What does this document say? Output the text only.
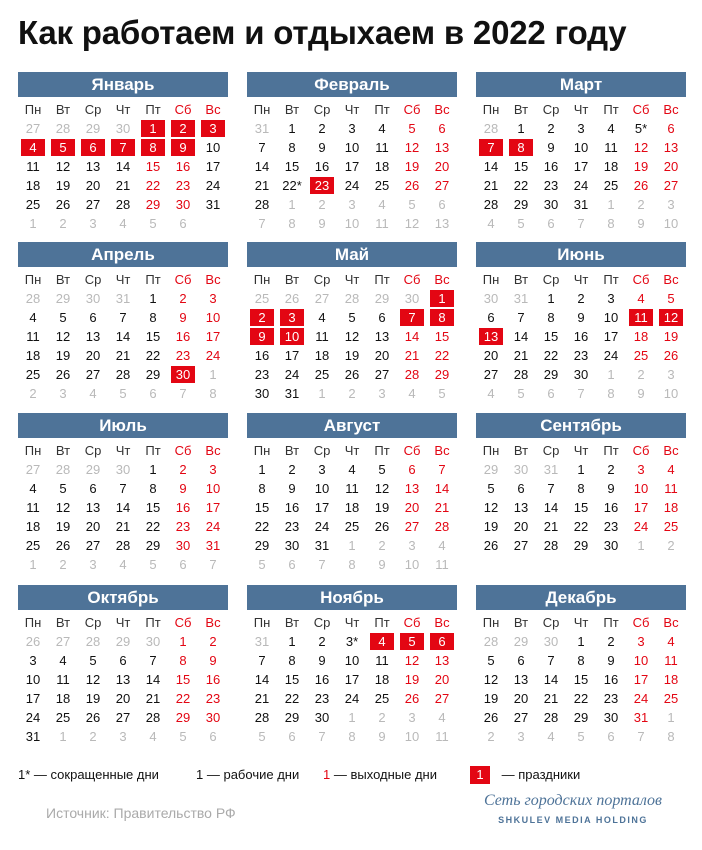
Как работаем и отдыхаем в 2022 году
Январь
Пн	Вт	Ср	Чт	Пт	Сб	Вс
27	28	29	30	1	2	3
4	5	6	7	8	9	10
11	12	13	14	15	16	17
18	19	20	21	22	23	24
25	26	27	28	29	30	31
1	2	3	4	5	6
Февраль
Пн	Вт	Ср	Чт	Пт	Сб	Вс
31	1	2	3	4	5	6
7	8	9	10	11	12	13
14	15	16	17	18	19	20
21	22*	23	24	25	26	27
28	1	2	3	4	5	6
7	8	9	10	11	12	13
Март
Пн	Вт	Ср	Чт	Пт	Сб	Вс
28	1	2	3	4	5*	6
7	8	9	10	11	12	13
14	15	16	17	18	19	20
21	22	23	24	25	26	27
28	29	30	31	1	2	3
4	5	6	7	8	9	10
Апрель
Пн	Вт	Ср	Чт	Пт	Сб	Вс
28	29	30	31	1	2	3
4	5	6	7	8	9	10
11	12	13	14	15	16	17
18	19	20	21	22	23	24
25	26	27	28	29	30	1
2	3	4	5	6	7	8
Май
Пн	Вт	Ср	Чт	Пт	Сб	Вс
25	26	27	28	29	30	1
2	3	4	5	6	7	8
9	10	11	12	13	14	15
16	17	18	19	20	21	22
23	24	25	26	27	28	29
30	31	1	2	3	4	5
Июнь
Пн	Вт	Ср	Чт	Пт	Сб	Вс
30	31	1	2	3	4	5
6	7	8	9	10	11	12
13	14	15	16	17	18	19
20	21	22	23	24	25	26
27	28	29	30	1	2	3
4	5	6	7	8	9	10
Июль
Пн	Вт	Ср	Чт	Пт	Сб	Вс
27	28	29	30	1	2	3
4	5	6	7	8	9	10
11	12	13	14	15	16	17
18	19	20	21	22	23	24
25	26	27	28	29	30	31
1	2	3	4	5	6	7
Август
Пн	Вт	Ср	Чт	Пт	Сб	Вс
1	2	3	4	5	6	7
8	9	10	11	12	13	14
15	16	17	18	19	20	21
22	23	24	25	26	27	28
29	30	31	1	2	3	4
5	6	7	8	9	10	11
Сентябрь
Пн	Вт	Ср	Чт	Пт	Сб	Вс
29	30	31	1	2	3	4
5	6	7	8	9	10	11
12	13	14	15	16	17	18
19	20	21	22	23	24	25
26	27	28	29	30	1	2
Октябрь
Пн	Вт	Ср	Чт	Пт	Сб	Вс
26	27	28	29	30	1	2
3	4	5	6	7	8	9
10	11	12	13	14	15	16
17	18	19	20	21	22	23
24	25	26	27	28	29	30
31	1	2	3	4	5	6
Ноябрь
Пн	Вт	Ср	Чт	Пт	Сб	Вс
31	1	2	3*	4	5	6
7	8	9	10	11	12	13
14	15	16	17	18	19	20
21	22	23	24	25	26	27
28	29	30	1	2	3	4
5	6	7	8	9	10	11
Декабрь
Пн	Вт	Ср	Чт	Пт	Сб	Вс
28	29	30	1	2	3	4
5	6	7	8	9	10	11
12	13	14	15	16	17	18
19	20	21	22	23	24	25
26	27	28	29	30	31	1
2	3	4	5	6	7	8
1* — сокращенные дни	1 — рабочие дни 1 — выходные дни	1 — праздники
Источник: Правительство РФ
Сеть городских порталов
SHKULEV MEDIA HOLDING
